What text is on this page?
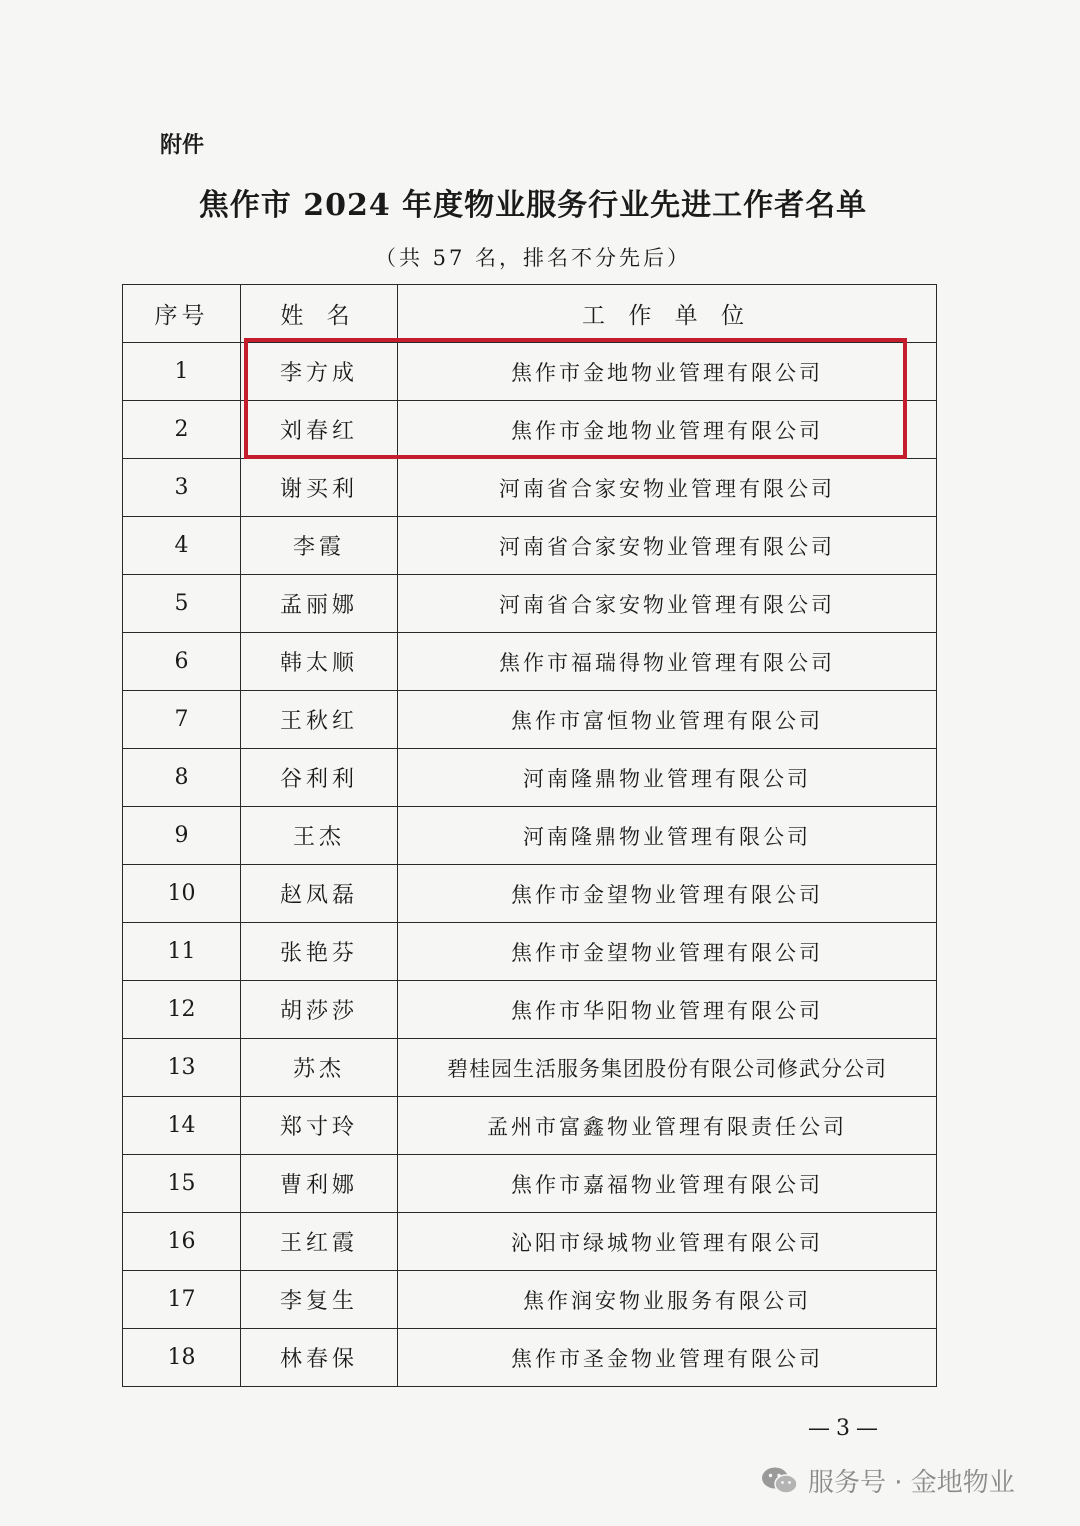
附件
焦作市 2024 年度物业服务行业先进工作者名单
（共 57 名，排名不分先后）
序号	姓 名	工 作 单 位
1	李方成	焦作市金地物业管理有限公司
2	刘春红	焦作市金地物业管理有限公司
3	谢买利	河南省合家安物业管理有限公司
4	李霞	河南省合家安物业管理有限公司
5	孟丽娜	河南省合家安物业管理有限公司
6	韩太顺	焦作市福瑞得物业管理有限公司
7	王秋红	焦作市富恒物业管理有限公司
8	谷利利	河南隆鼎物业管理有限公司
9	王杰	河南隆鼎物业管理有限公司
10	赵凤磊	焦作市金望物业管理有限公司
11	张艳芬	焦作市金望物业管理有限公司
12	胡莎莎	焦作市华阳物业管理有限公司
13	苏杰	碧桂园生活服务集团股份有限公司修武分公司
14	郑寸玲	孟州市富鑫物业管理有限责任公司
15	曹利娜	焦作市嘉福物业管理有限公司
16	王红霞	沁阳市绿城物业管理有限公司
17	李复生	焦作润安物业服务有限公司
18	林春保	焦作市圣金物业管理有限公司
—3—
服务号 · 金地物业
